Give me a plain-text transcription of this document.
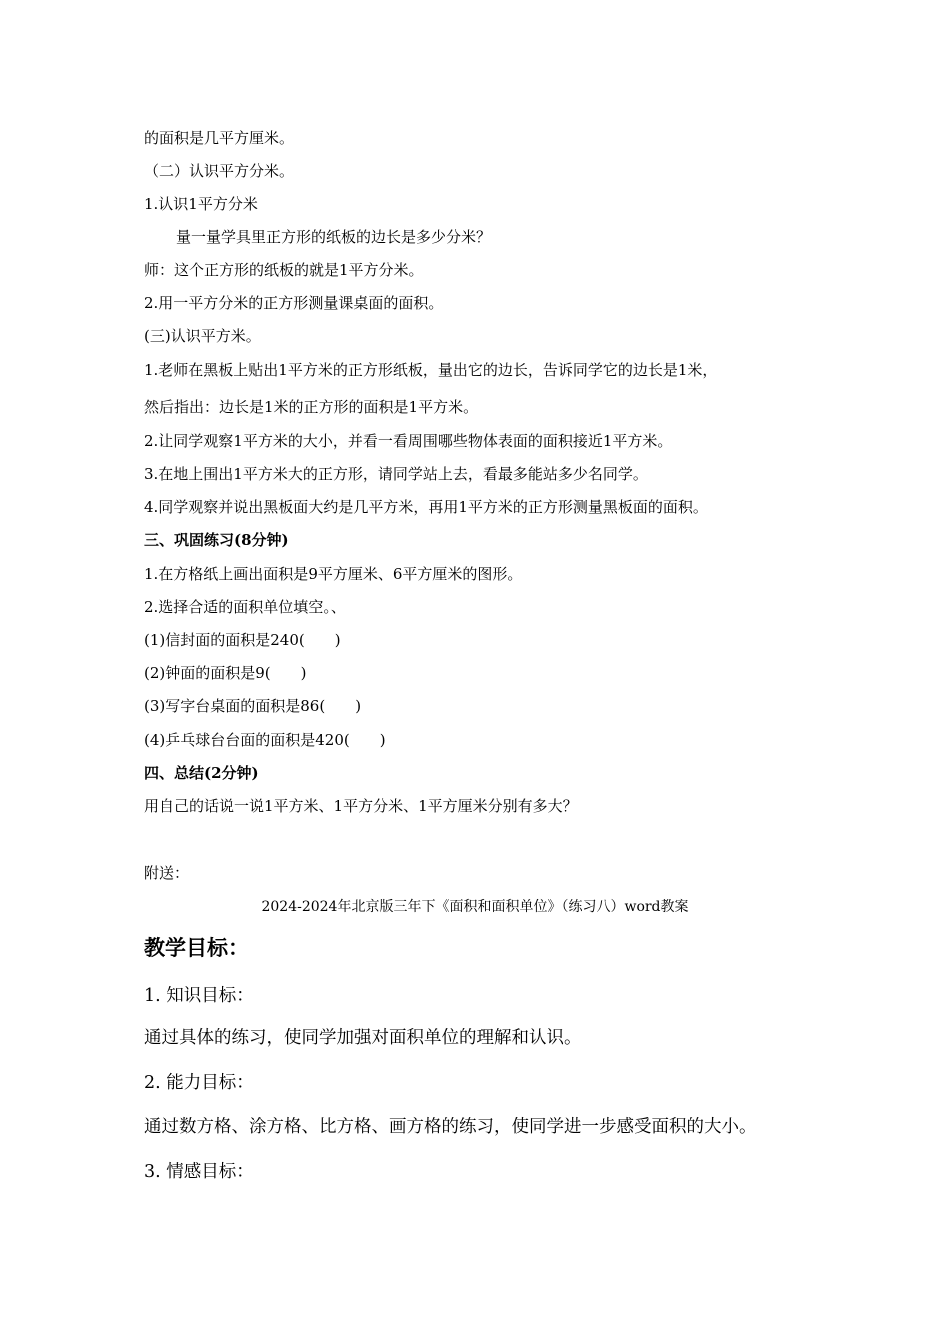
的面积是几平方厘米。
（二）认识平方分米。
1.认识1平方分米
量一量学具里正方形的纸板的边长是多少分米？
师：这个正方形的纸板的就是1平方分米。
2.用一平方分米的正方形测量课桌面的面积。
(三)认识平方米。
1.老师在黑板上贴出1平方米的正方形纸板，量出它的边长，告诉同学它的边长是1米，
然后指出：边长是1米的正方形的面积是1平方米。
2.让同学观察1平方米的大小，并看一看周围哪些物体表面的面积接近1平方米。
3.在地上围出1平方米大的正方形，请同学站上去，看最多能站多少名同学。
4.同学观察并说出黑板面大约是几平方米，再用1平方米的正方形测量黑板面的面积。
三、巩固练习(8分钟)
1.在方格纸上画出面积是9平方厘米、6平方厘米的图形。
2.选择合适的面积单位填空。、
(1)信封面的面积是240(　　)
(2)钟面的面积是9(　　)
(3)写字台桌面的面积是86(　　)
(4)乒乓球台台面的面积是420(　　)
四、总结(2分钟)
用自己的话说一说1平方米、1平方分米、1平方厘米分别有多大？
附送：
2024-2024年北京版三年下《面积和面积单位》（练习八）word教案
教学目标：
1. 知识目标：
通过具体的练习，使同学加强对面积单位的理解和认识。
2. 能力目标：
通过数方格、涂方格、比方格、画方格的练习，使同学进一步感受面积的大小。
3. 情感目标：
